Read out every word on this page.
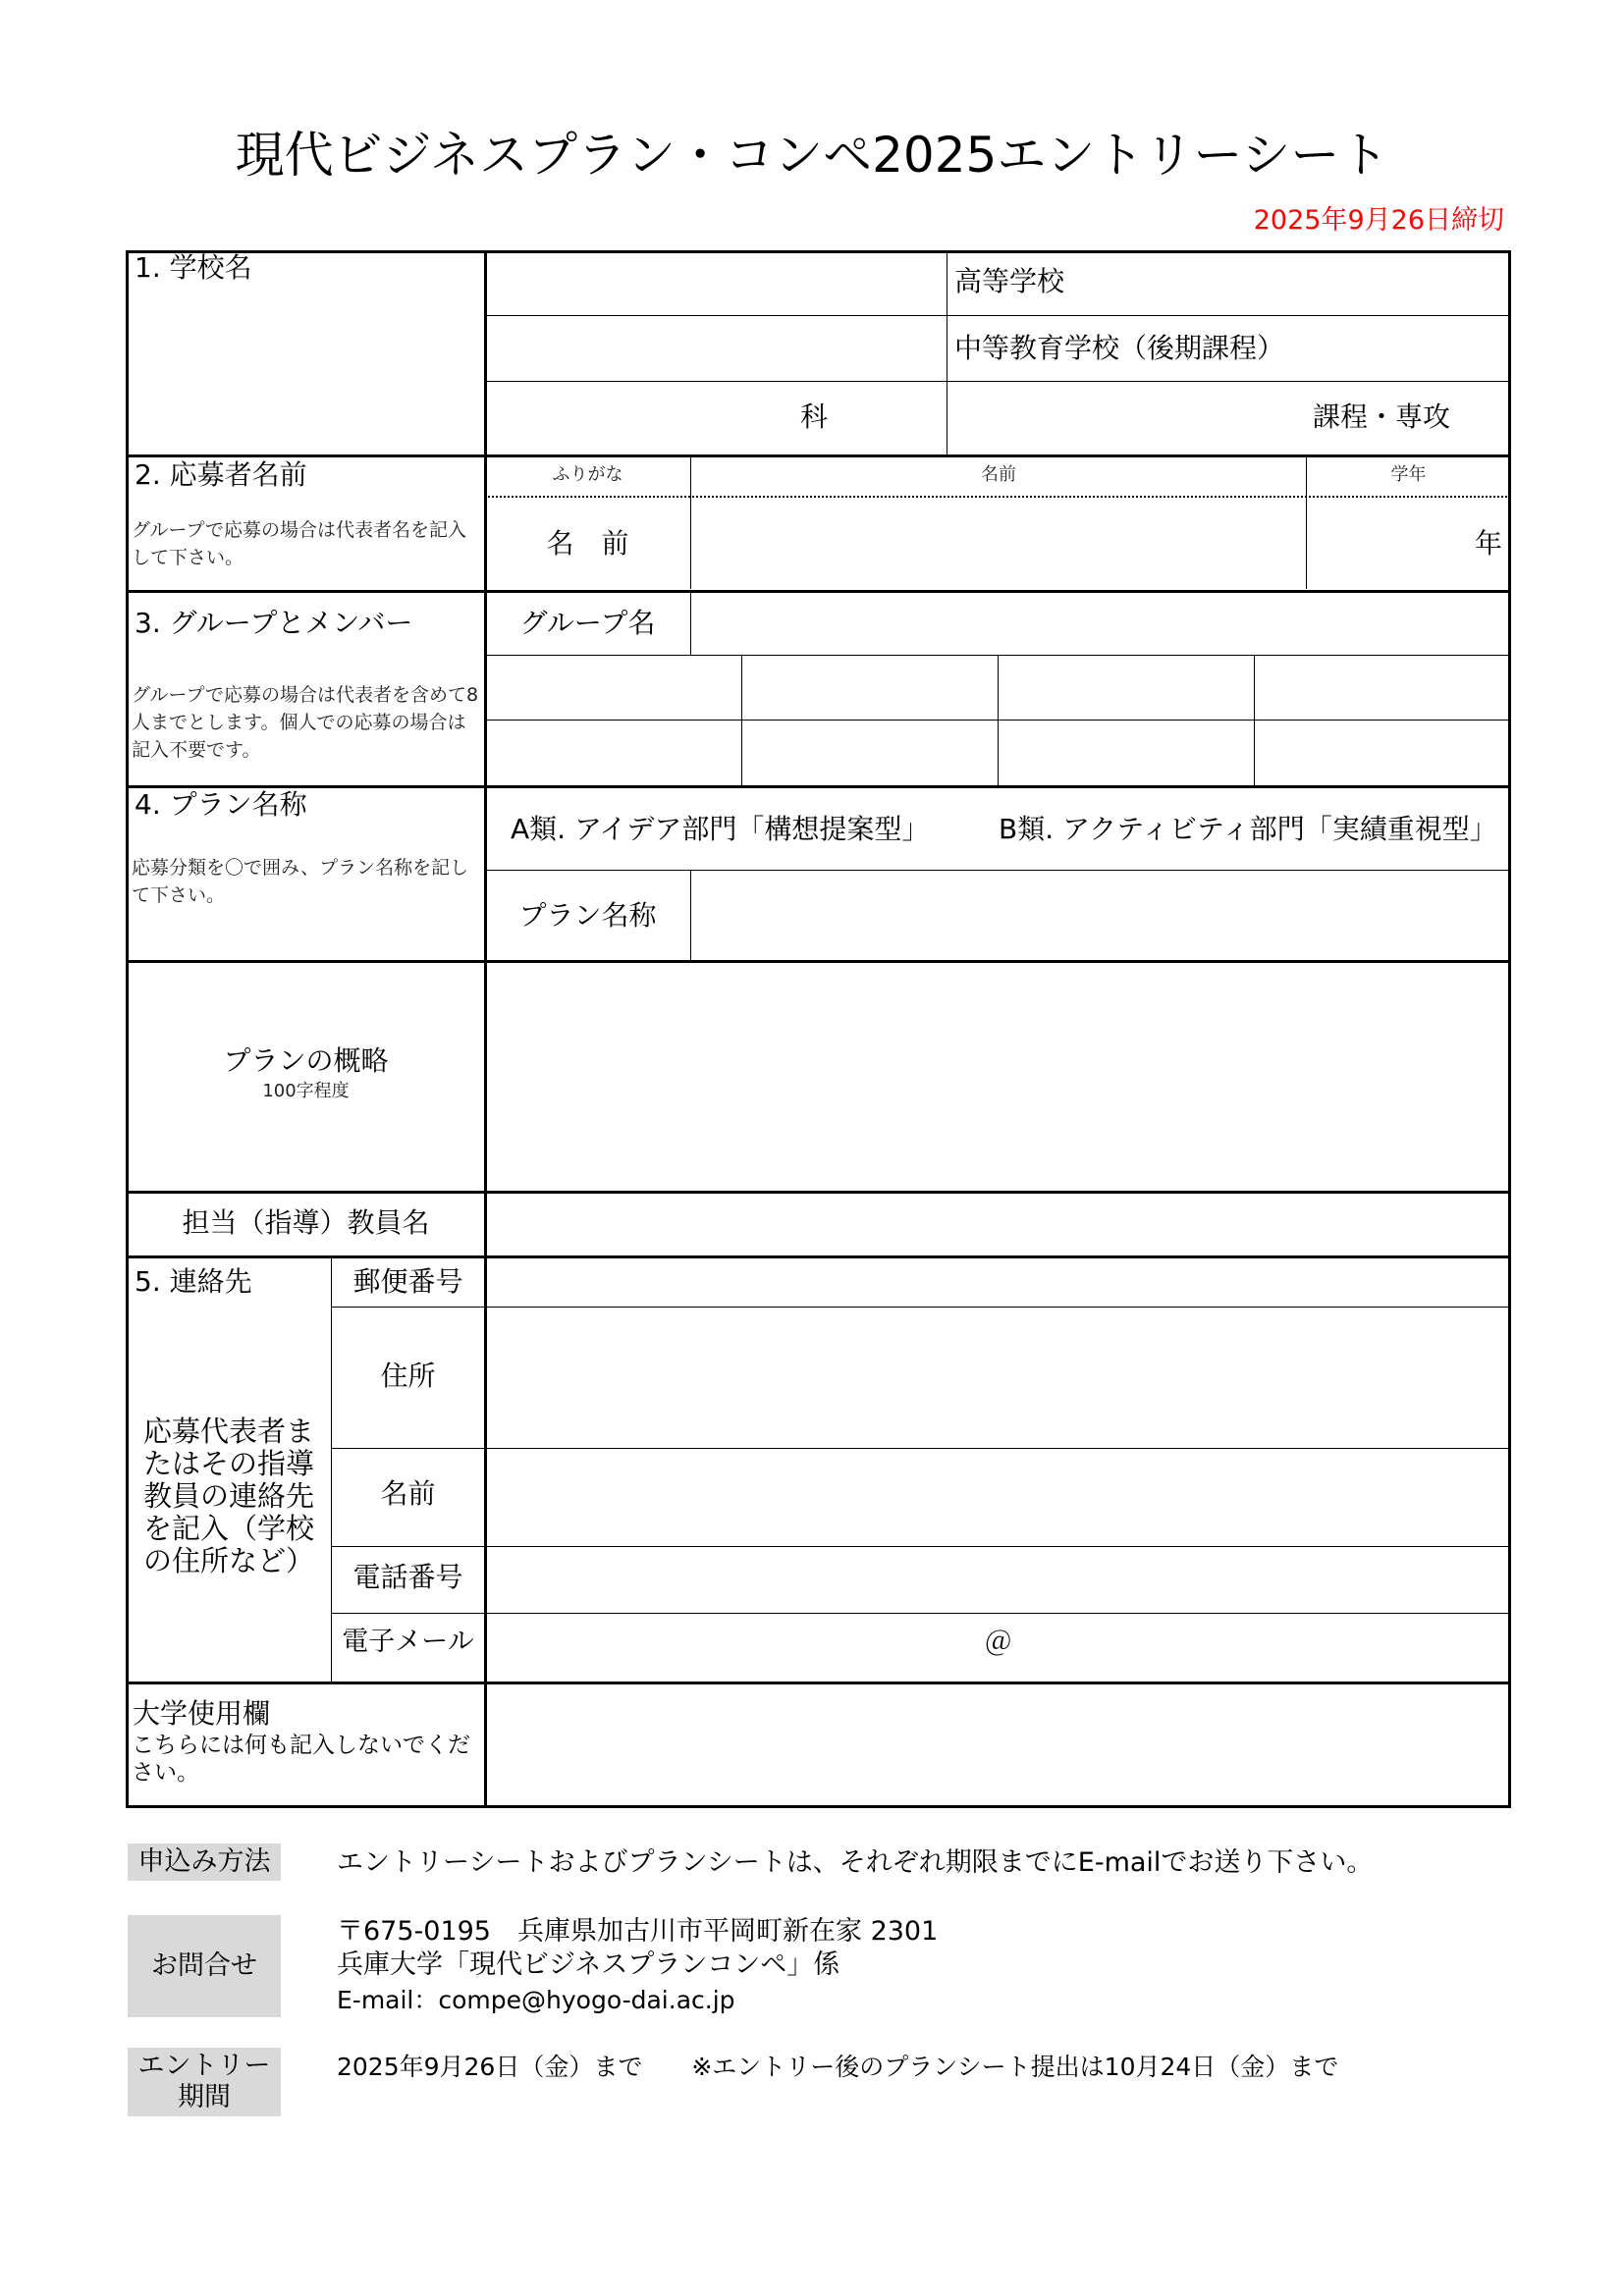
現代ビジネスプラン・コンペ2025エントリーシート
2025年9月26日締切
1. 学校名	高等学校
中等教育学校（後期課程）
科	課程・専攻
2. 応募者名前
グループで応募の場合は代表者名を記入して下さい。
ふりがな	名前	学年
名　前	年
3. グループとメンバー
グループで応募の場合は代表者を含めて8人までとします。個人での応募の場合は記入不要です。
グループ名
4. プラン名称
応募分類を〇で囲み、プラン名称を記して下さい。
A類. アイデア部門「構想提案型」	B類. アクティビティ部門「実績重視型」
プラン名称
プランの概略
100字程度
担当（指導）教員名
5. 連絡先
応募代表者またはその指導教員の連絡先を記入（学校の住所など）
郵便番号
住所
名前
電話番号
電子メール	＠
大学使用欄
こちらには何も記入しないでください。
申込み方法	エントリーシートおよびプランシートは、それぞれ期限までにE-mailでお送り下さい。
お問合せ
〒675-0195　兵庫県加古川市平岡町新在家 2301
兵庫大学「現代ビジネスプランコンペ」係
E-mail：compe@hyogo-dai.ac.jp
エントリー
期間
2025年9月26日（金）まで　　※エントリー後のプランシート提出は10月24日（金）まで
